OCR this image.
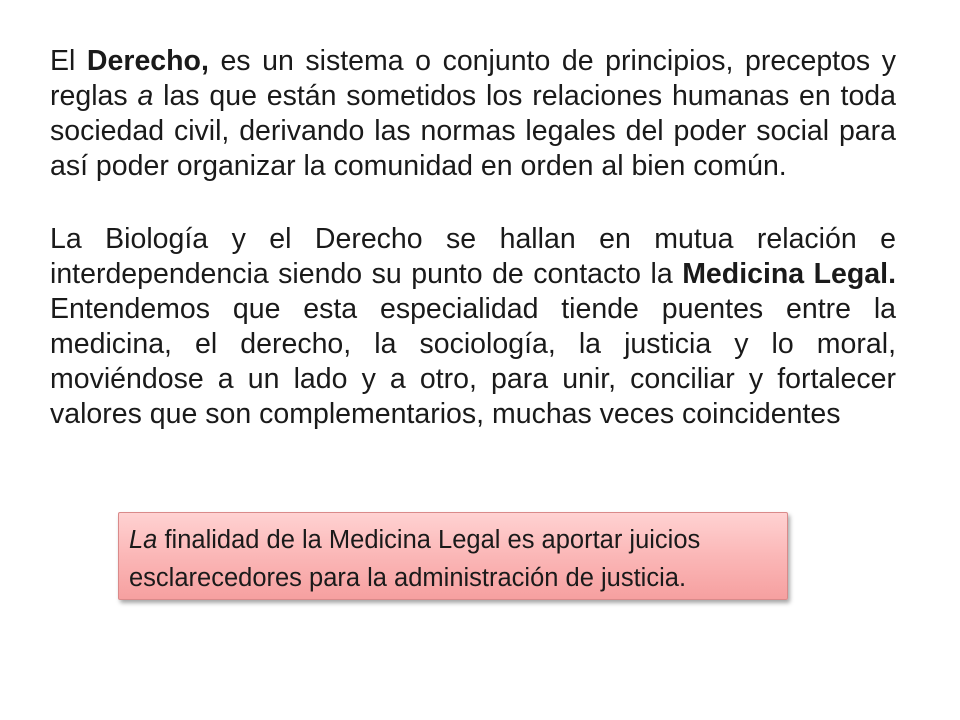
El Derecho, es un sistema o conjunto de principios, preceptos y reglas a las que están sometidos los relaciones humanas en toda sociedad civil, derivando las normas legales del poder social para así poder organizar la comunidad en orden al bien común.

La Biología y el Derecho se hallan en mutua relación e interdependencia siendo su punto de contacto la Medicina Legal. Entendemos que esta especialidad tiende puentes entre la medicina, el derecho, la sociología, la justicia y lo moral, moviéndose a un lado y a otro, para unir, conciliar y fortalecer valores que son complementarios, muchas veces coincidentes

La finalidad de la Medicina Legal es aportar juicios esclarecedores para la administración de justicia.
